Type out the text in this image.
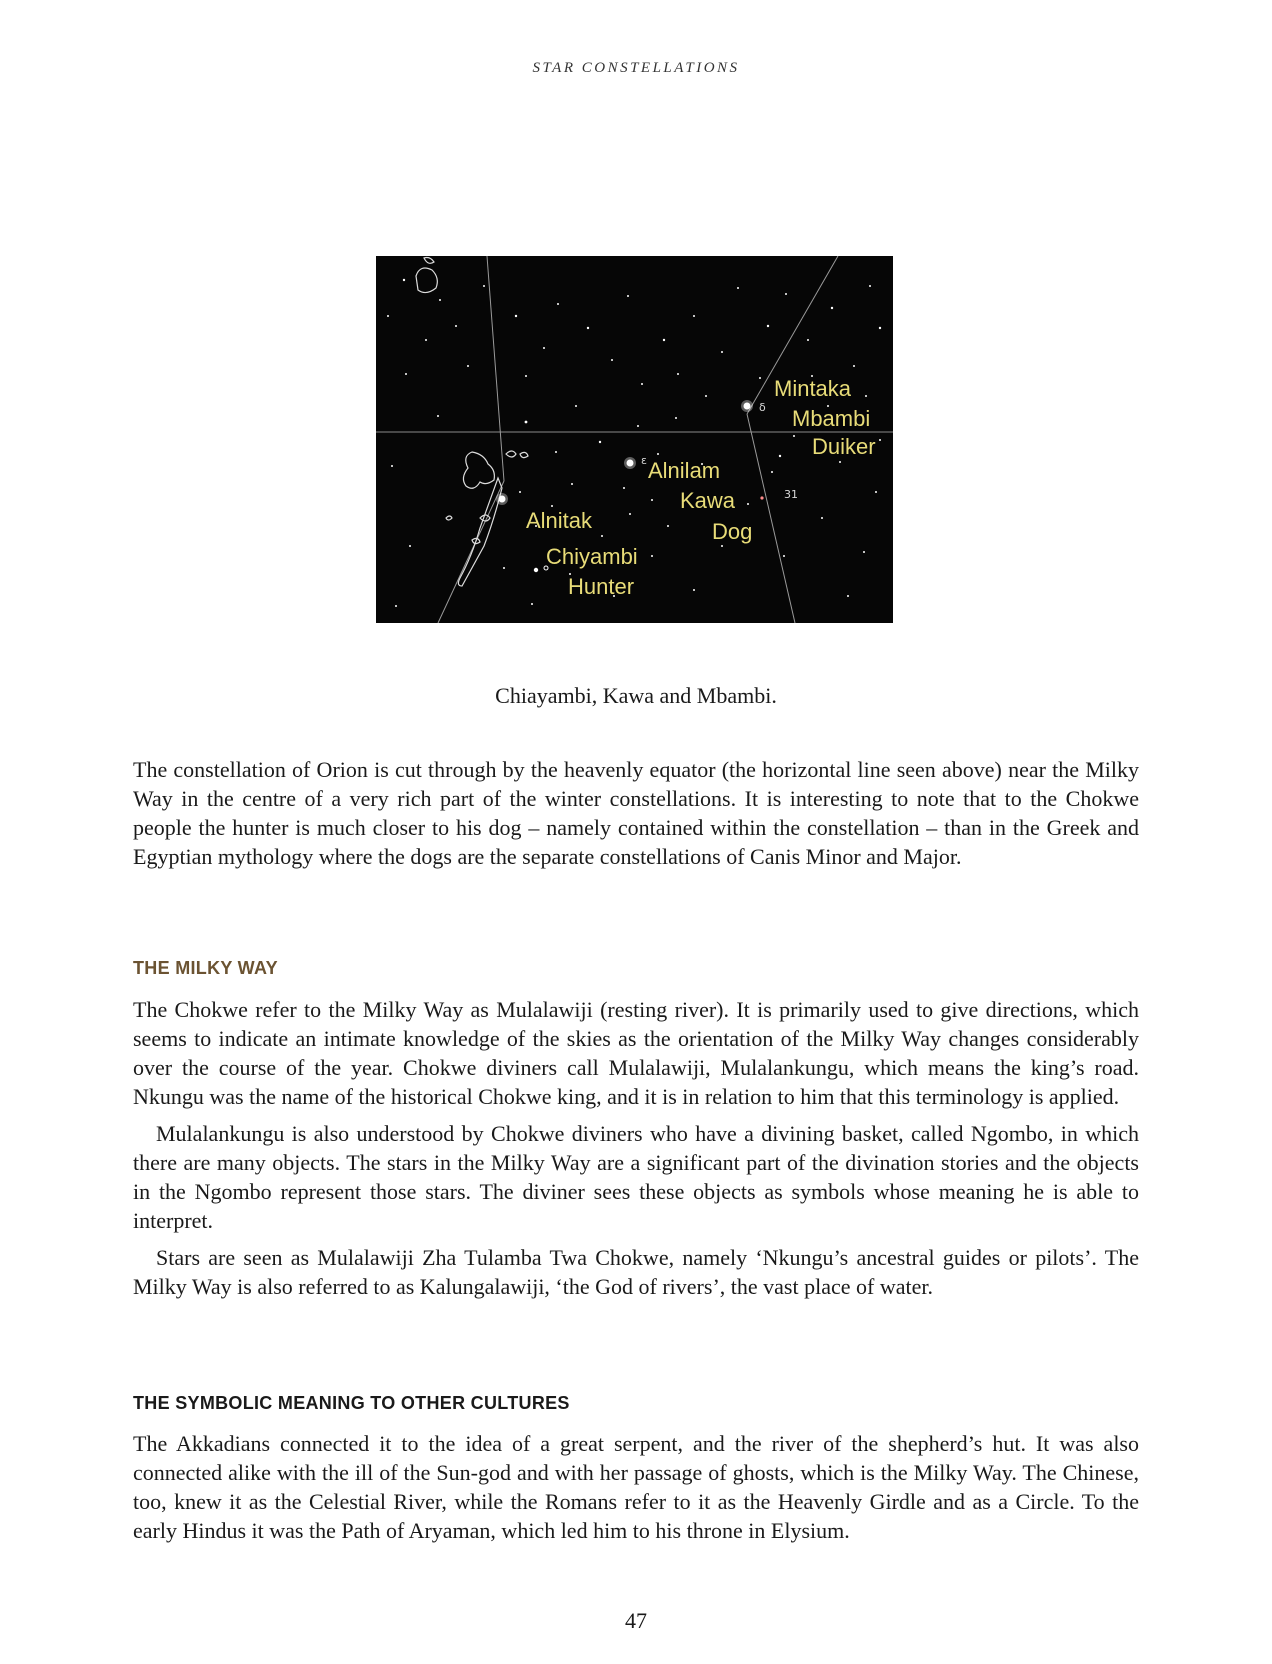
STAR CONSTELLATIONS
δ
ε
31
Mintaka
Mbambi
Duiker
Alnilam
Kawa
Dog
Alnitak
Chiyambi
Hunter
Chiayambi, Kawa and Mbambi.

The constellation of Orion is cut through by the heavenly equator (the horizontal line seen above) near the Milky Way in the centre of a very rich part of the winter constellations. It is interesting to note that to the Chokwe people the hunter is much closer to his dog – namely contained within the constellation – than in the Greek and Egyptian mythology where the dogs are the separate constellations of Canis Minor and Major.

THE MILKY WAY

The Chokwe refer to the Milky Way as Mulalawiji (resting river). It is primarily used to give directions, which seems to indicate an intimate knowledge of the skies as the orientation of the Milky Way changes considerably over the course of the year. Chokwe diviners call Mulalawiji, Mulalankungu, which means the king’s road. Nkungu was the name of the historical Chokwe king, and it is in relation to him that this terminology is applied.

Mulalankungu is also understood by Chokwe diviners who have a divining basket, called Ngombo, in which there are many objects. The stars in the Milky Way are a significant part of the divination stories and the objects in the Ngombo represent those stars. The diviner sees these objects as symbols whose meaning he is able to interpret.

Stars are seen as Mulalawiji Zha Tulamba Twa Chokwe, namely ‘Nkungu’s ancestral guides or pilots’. The Milky Way is also referred to as Kalungalawiji, ‘the God of rivers’, the vast place of water.

THE SYMBOLIC MEANING TO OTHER CULTURES

The Akkadians connected it to the idea of a great serpent, and the river of the shepherd’s hut. It was also connected alike with the ill of the Sun-god and with her passage of ghosts, which is the Milky Way. The Chinese, too, knew it as the Celestial River, while the Romans refer to it as the Heavenly Girdle and as a Circle. To the early Hindus it was the Path of Aryaman, which led him to his throne in Elysium.

47
